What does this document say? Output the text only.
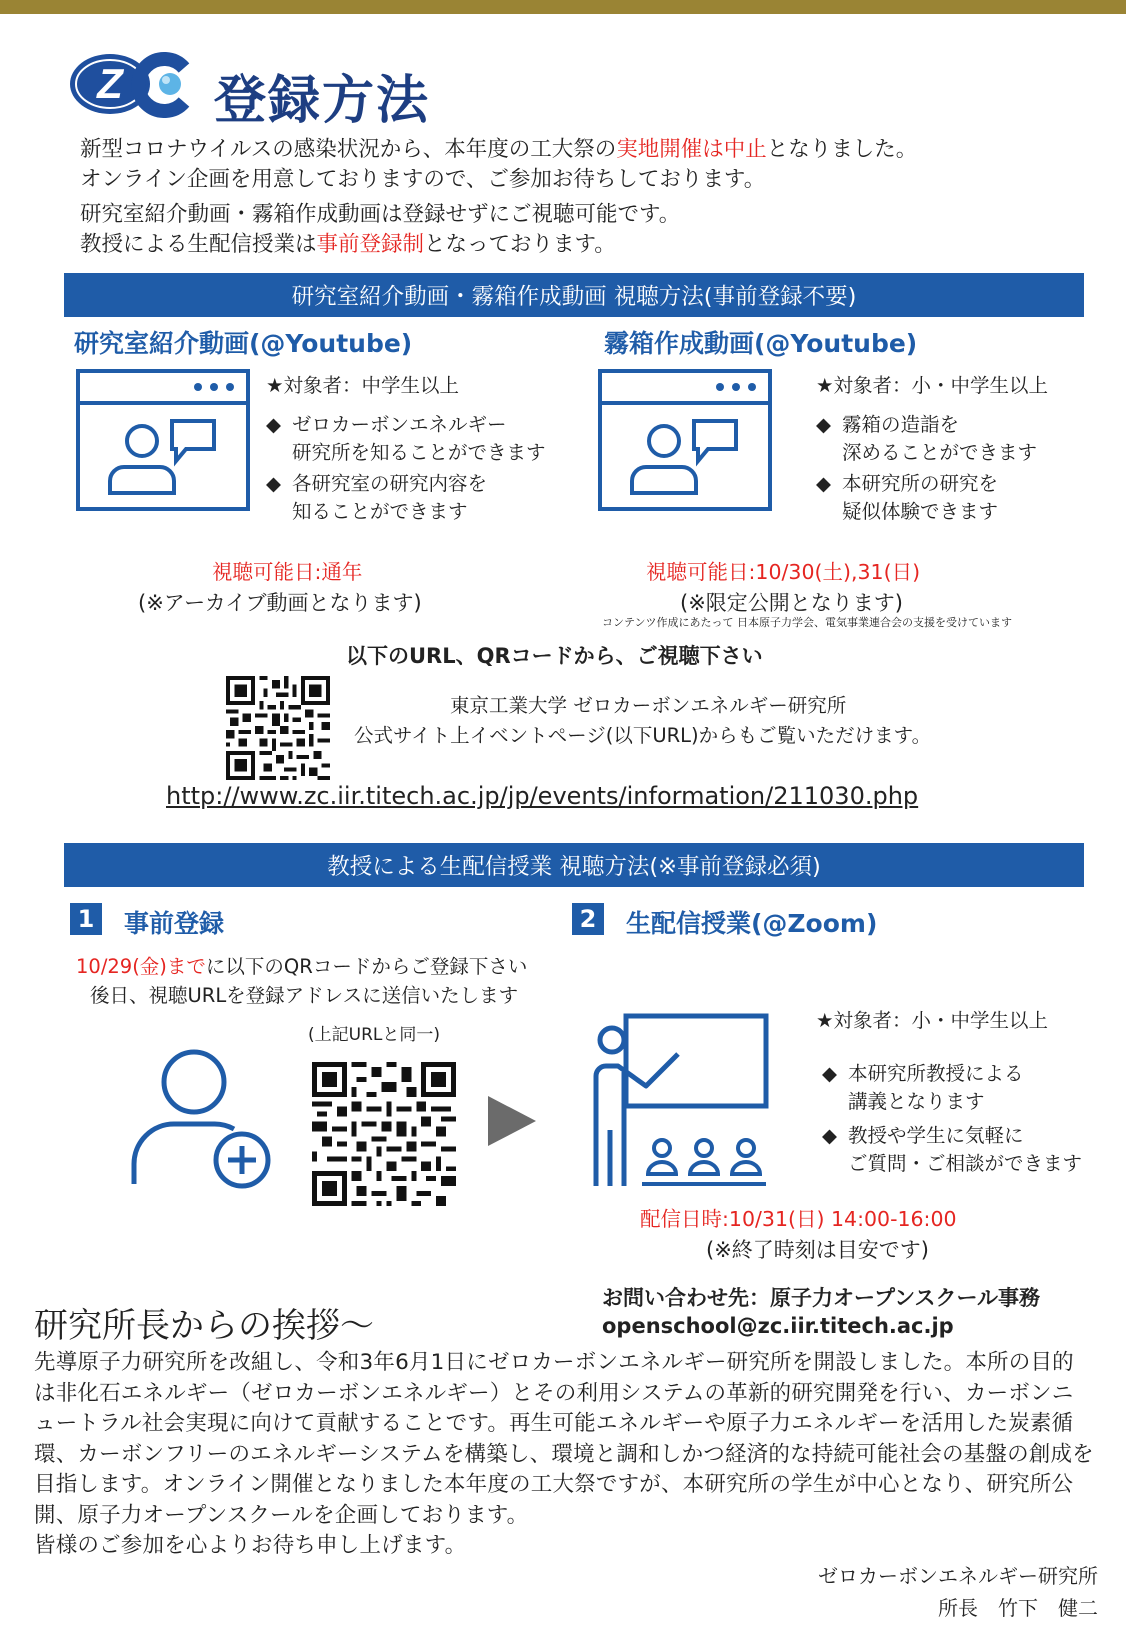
Z 登録方法
新型コロナウイルスの感染状況から、本年度の工大祭の実地開催は中止となりました。
オンライン企画を用意しておりますので、ご参加お待ちしております。
研究室紹介動画・霧箱作成動画は登録せずにご視聴可能です。
教授による生配信授業は事前登録制となっております。
研究室紹介動画・霧箱作成動画 視聴方法(事前登録不要)
研究室紹介動画(@Youtube)
★対象者：中学生以上
◆ ゼロカーボンエネルギー
研究所を知ることができます
◆ 各研究室の研究内容を
知ることができます
視聴可能日:通年
(※アーカイブ動画となります)
霧箱作成動画(@Youtube)
★対象者：小・中学生以上
◆ 霧箱の造詣を
深めることができます
◆ 本研究所の研究を
疑似体験できます
視聴可能日:10/30(土),31(日)
(※限定公開となります)
コンテンツ作成にあたって 日本原子力学会、電気事業連合会の支援を受けています
以下のURL、QRコードから、ご視聴下さい
東京工業大学 ゼロカーボンエネルギー研究所
公式サイト上イベントページ(以下URL)からもご覧いただけます。
http://www.zc.iir.titech.ac.jp/jp/events/information/211030.php
教授による生配信授業 視聴方法(※事前登録必須)
1	事前登録
10/29(金)までに以下のQRコードからご登録下さい
後日、視聴URLを登録アドレスに送信いたします
(上記URLと同一)
2	生配信授業(@Zoom)
★対象者：小・中学生以上
◆ 本研究所教授による
講義となります
◆ 教授や学生に気軽に
ご質問・ご相談ができます
配信日時:10/31(日) 14:00-16:00
(※終了時刻は目安です)
お問い合わせ先：原子力オープンスクール事務
openschool@zc.iir.titech.ac.jp
研究所長からの挨拶～
先導原子力研究所を改組し、令和3年6月1日にゼロカーボンエネルギー研究所を開設しました。本所の目的は非化石エネルギー（ゼロカーボンエネルギー）とその利用システムの革新的研究開発を行い、カーボンニュートラル社会実現に向けて貢献することです。再生可能エネルギーや原子力エネルギーを活用した炭素循環、カーボンフリーのエネルギーシステムを構築し、環境と調和しかつ経済的な持続可能社会の基盤の創成を目指します。オンライン開催となりました本年度の工大祭ですが、本研究所の学生が中心となり、研究所公開、原子力オープンスクールを企画しております。
皆様のご参加を心よりお待ち申し上げます。
ゼロカーボンエネルギー研究所
所長　竹下　健二
